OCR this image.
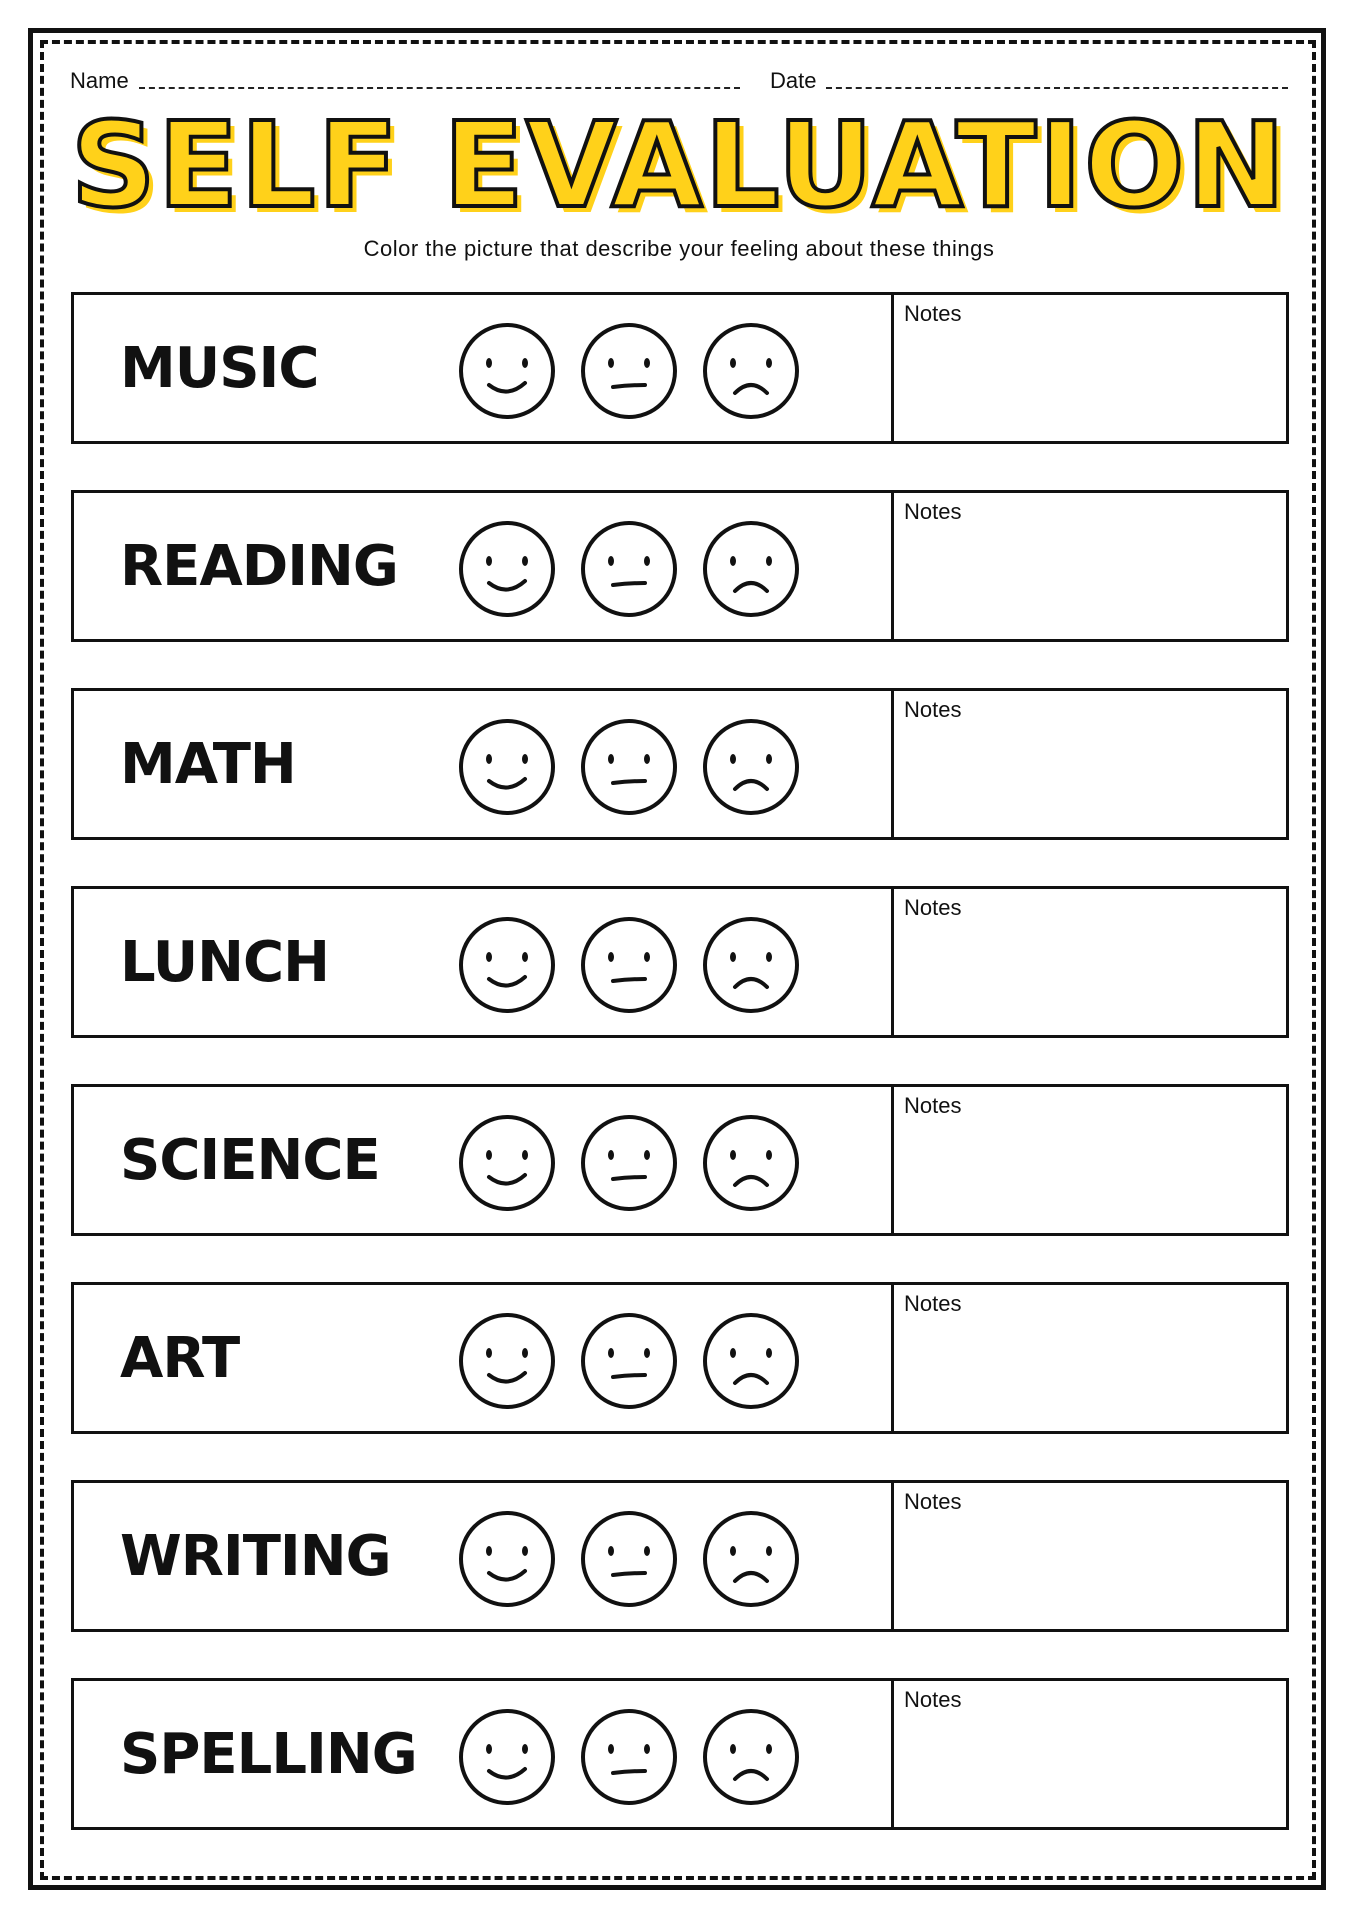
Name	Date
SELF EVALUATION
Color the picture that describe your feeling about these things
MUSIC
Notes
READING
Notes
MATH
Notes
LUNCH
Notes
SCIENCE
Notes
ART
Notes
WRITING
Notes
SPELLING
Notes
